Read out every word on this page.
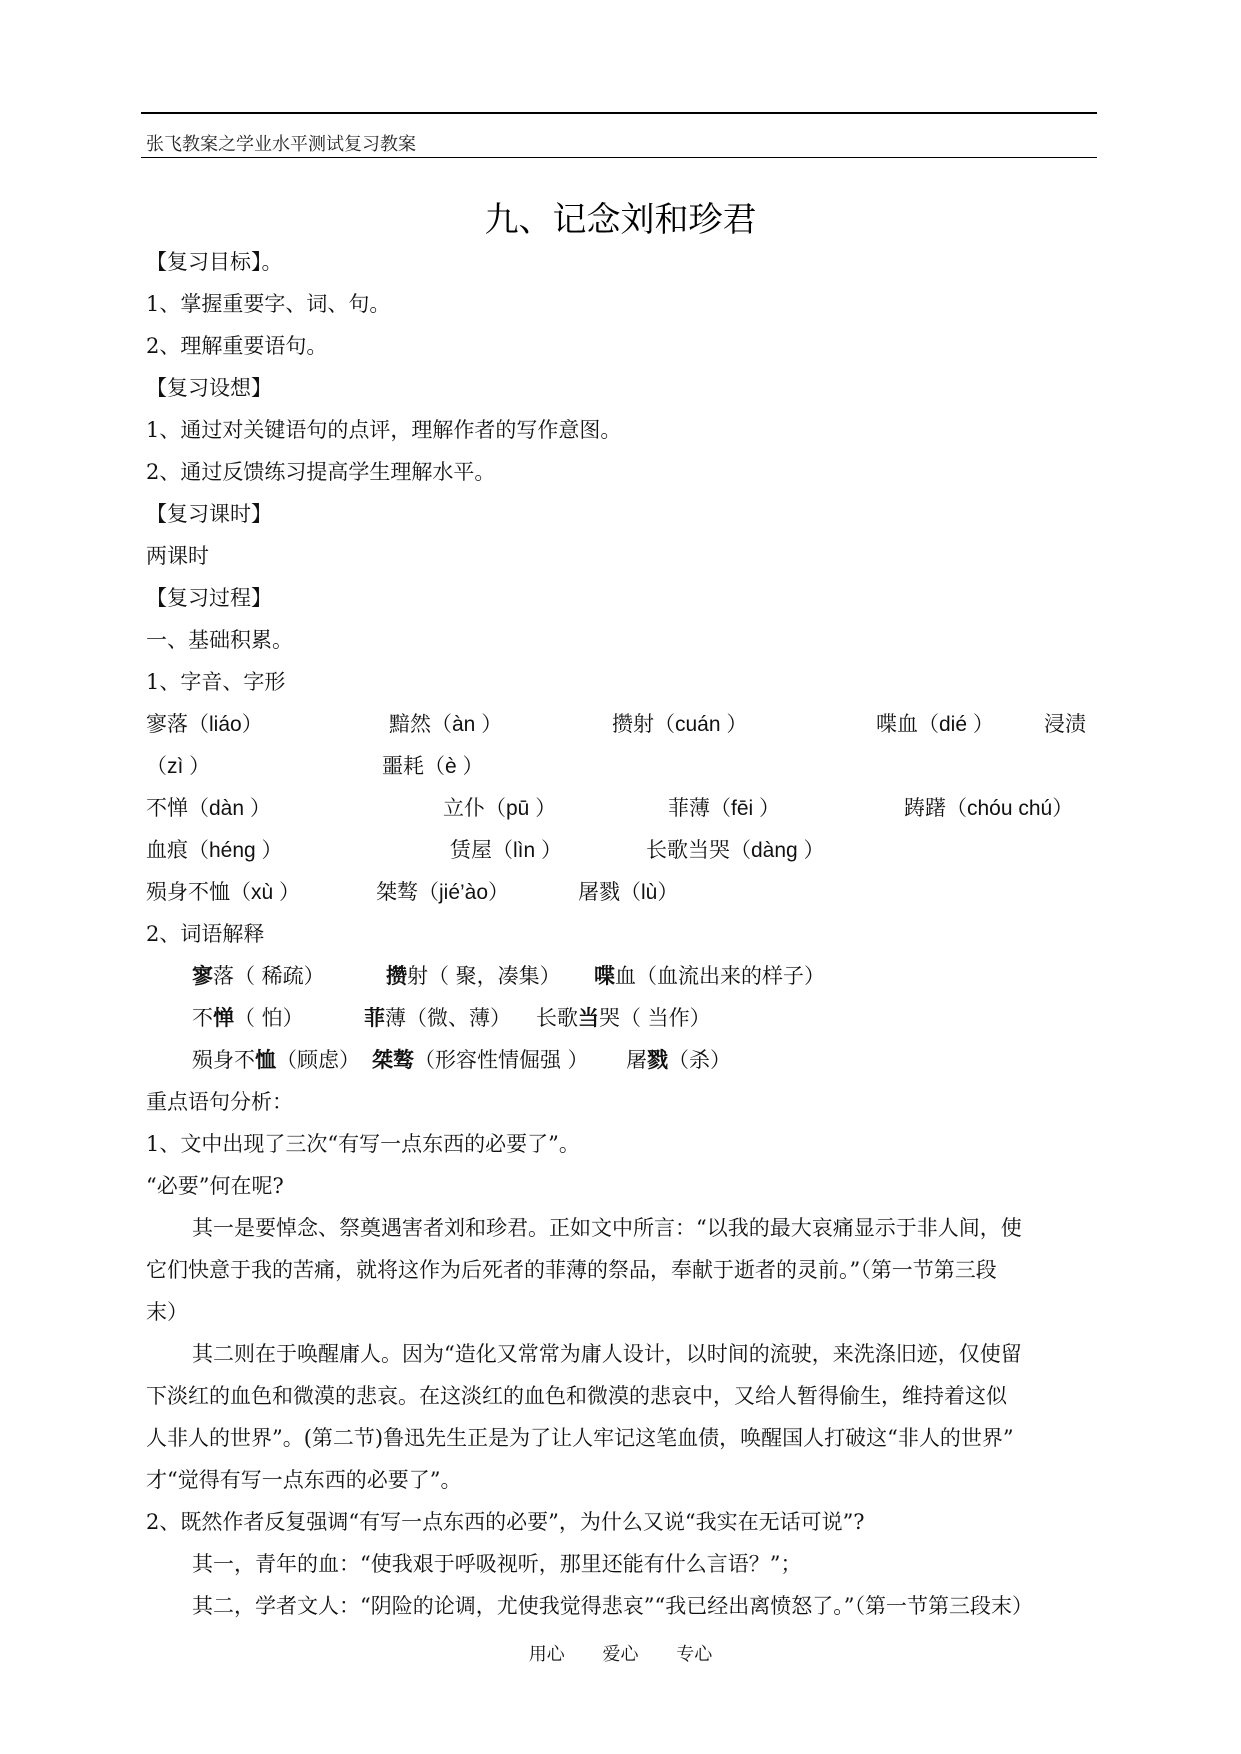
张飞教案之学业水平测试复习教案
九、记念刘和珍君
【复习目标】。
1、掌握重要字、词、句。
2、理解重要语句。
【复习设想】
1、通过对关键语句的点评，理解作者的写作意图。
2、通过反馈练习提高学生理解水平。
【复习课时】
两课时
【复习过程】
一、基础积累。
1、字音、字形
寥落（liáo）	黯然（àn ）	攒射（cuán ）	喋血（dié ） 浸渍
（zì ）	噩耗（è ）
不惮（dàn ）	立仆（pū ）	菲薄（fēi ）	踌躇（chóu chú）
血痕（héng ）	赁屋（lìn ）	长歌当哭（dàng ）
殒身不恤（xù ）	桀骜（jié’ào）	屠戮（lù）
2、词语解释
寥落（ 稀疏）	攒射（ 聚，凑集） 喋血（血流出来的样子）
不惮（ 怕）	菲薄（微、薄） 长歌当哭（ 当作）
殒身不恤（顾虑） 桀骜（形容性情倔强 ） 屠戮（杀）
重点语句分析：
1、文中出现了三次“有写一点东西的必要了”。
“必要”何在呢?
其一是要悼念、祭奠遇害者刘和珍君。正如文中所言：“以我的最大哀痛显示于非人间，使
它们快意于我的苦痛，就将这作为后死者的菲薄的祭品，奉献于逝者的灵前。”（第一节第三段
末）
其二则在于唤醒庸人。因为“造化又常常为庸人设计，以时间的流驶，来洗涤旧迹，仅使留
下淡红的血色和微漠的悲哀。在这淡红的血色和微漠的悲哀中，又给人暂得偷生，维持着这似
人非人的世界”。(第二节)鲁迅先生正是为了让人牢记这笔血债，唤醒国人打破这“非人的世界”
才“觉得有写一点东西的必要了”。
2、既然作者反复强调“有写一点东西的必要”，为什么又说“我实在无话可说”?
其一，青年的血：“使我艰于呼吸视听，那里还能有什么言语？”；
其二，学者文人：“阴险的论调，尤使我觉得悲哀”“我已经出离愤怒了。”（第一节第三段末）
用心 爱心 专心
